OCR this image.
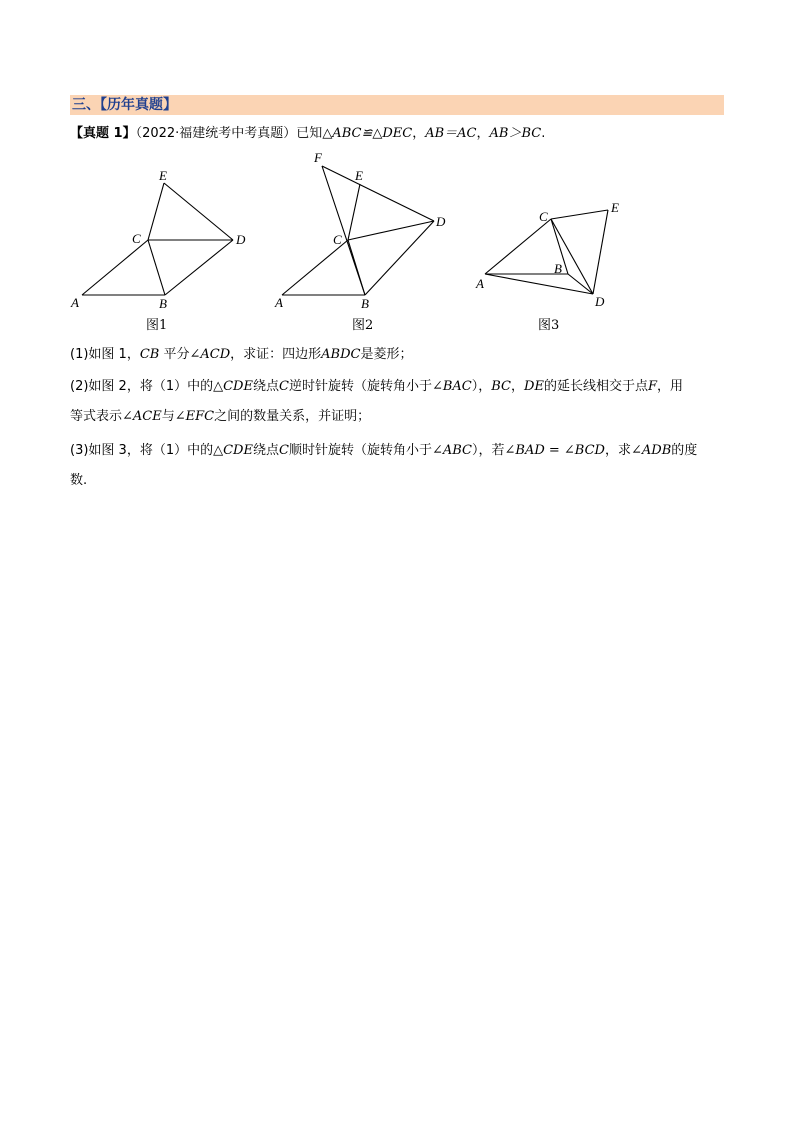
三、【历年真题】
【真题 1】（2022·福建统考中考真题）已知△ABC≌△DEC，AB＝AC，AB＞BC.
E
C	D
A	B
图1
F
E
D
C
A	B
图2
C
E
B
A
D
图3
(1)如图 1，CB 平分∠ACD，求证：四边形ABDC是菱形；
(2)如图 2，将（1）中的△CDE绕点C逆时针旋转（旋转角小于∠BAC），BC，DE的延长线相交于点F，用
等式表示∠ACE与∠EFC之间的数量关系，并证明；
(3)如图 3，将（1）中的△CDE绕点C顺时针旋转（旋转角小于∠ABC），若∠BAD = ∠BCD，求∠ADB的度
数.
